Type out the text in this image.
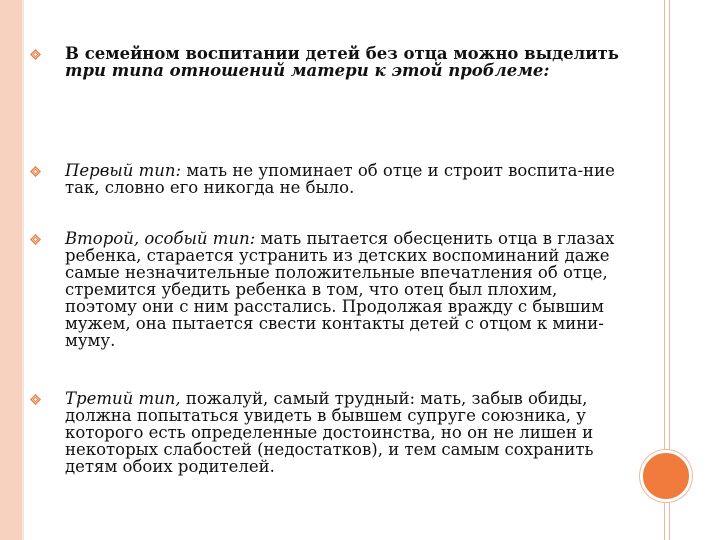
В семейном воспитании детей без отца можно выделить три типа отношений матери к этой проблеме:
Первый тип: мать не упоминает об отце и строит воспита-ние так, словно его никогда не было.
Второй, особый тип: мать пытается обесценить отца в глазах ребенка, старается устранить из детских воспоминаний даже самые незначительные положительные впечатления об отце, стремится убедить ребенка в том, что отец был плохим, поэтому они с ним расстались. Продолжая вражду с бывшим мужем, она пытается свести контакты детей с отцом к мини-муму.
Третий тип, пожалуй, самый трудный: мать, забыв обиды, должна попытаться увидеть в бывшем супруге союзника, у которого есть определенные достоинства, но он не лишен и некоторых слабостей (недостатков), и тем самым сохранить детям обоих родителей.
